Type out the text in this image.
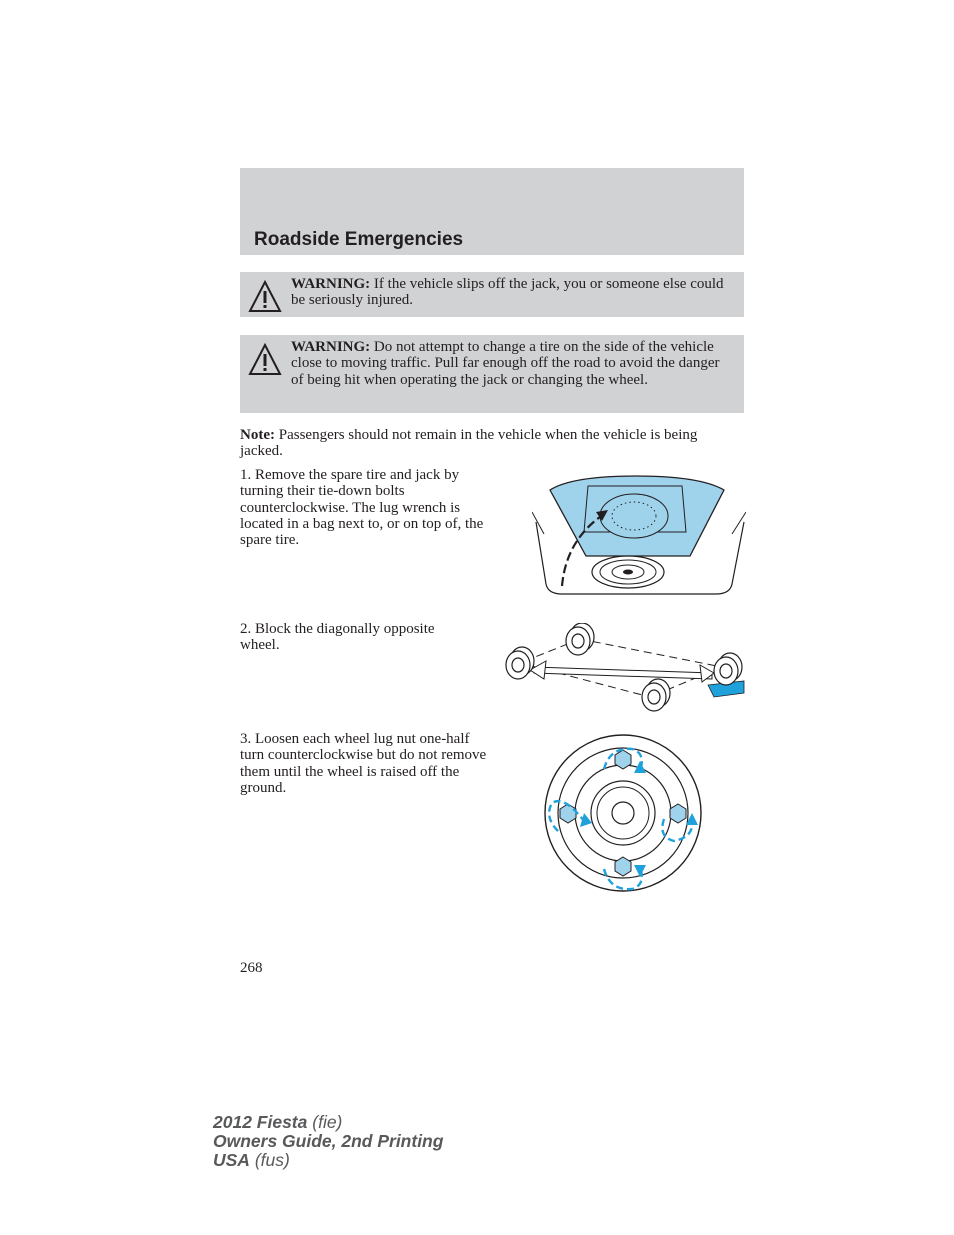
Roadside Emergencies

WARNING: If the vehicle slips off the jack, you or someone else could be seriously injured.

WARNING: Do not attempt to change a tire on the side of the vehicle close to moving traffic. Pull far enough off the road to avoid the danger of being hit when operating the jack or changing the wheel.

Note: Passengers should not remain in the vehicle when the vehicle is being jacked.

1. Remove the spare tire and jack by turning their tie-down bolts counterclockwise. The lug wrench is located in a bag next to, or on top of, the spare tire.

2. Block the diagonally opposite wheel.

3. Loosen each wheel lug nut one-half turn counterclockwise but do not remove them until the wheel is raised off the ground.

268

2012 Fiesta (fie)
Owners Guide, 2nd Printing
USA (fus)
